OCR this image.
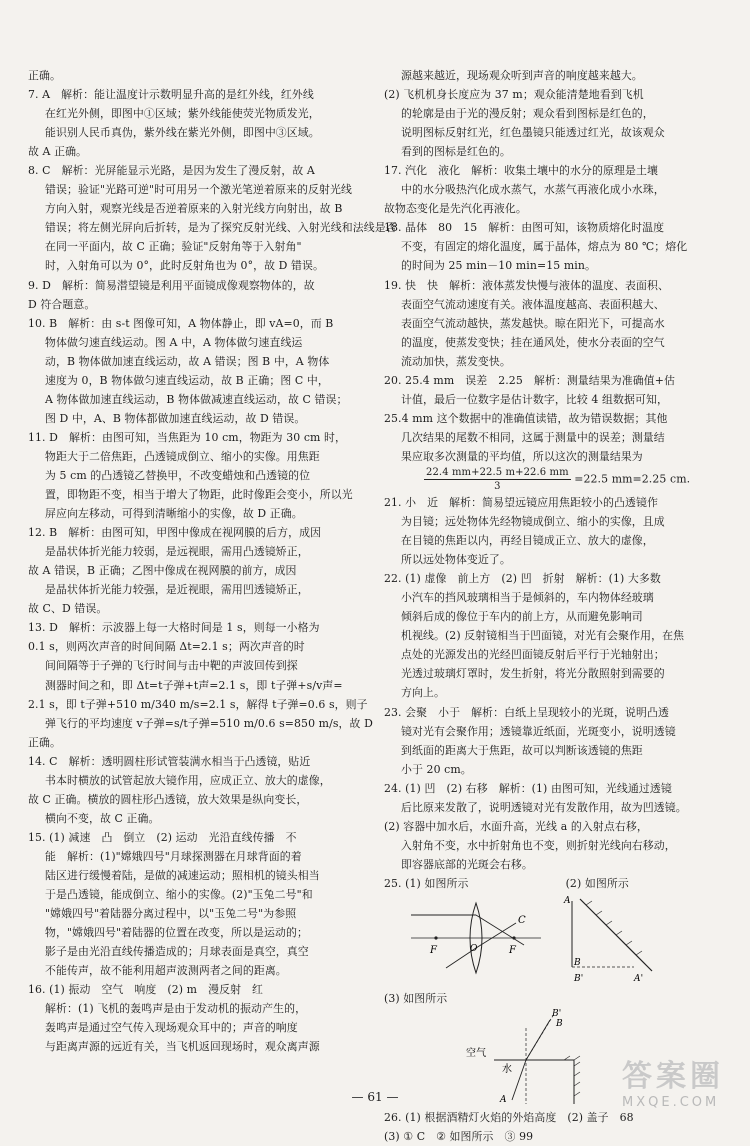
正确。
7. A　解析：能让温度计示数明显升高的是红外线，红外线
在红光外侧，即图中①区域；紫外线能使荧光物质发光，
能识别人民币真伪，紫外线在紫光外侧，即图中③区域。
故 A 正确。
8. C　解析：光屏能显示光路，是因为发生了漫反射，故 A
错误；验证"光路可逆"时可用另一个激光笔逆着原来的反射光线
方向入射，观察光线是否逆着原来的入射光线方向射出，故 B
错误；将左侧光屏向后折转，是为了探究反射光线、入射光线和法线是否
在同一平面内，故 C 正确；验证"反射角等于入射角"
时，入射角可以为 0°，此时反射角也为 0°，故 D 错误。
9. D　解析：简易潜望镜是利用平面镜成像观察物体的，故
D 符合题意。
10. B　解析：由 s-t 图像可知，A 物体静止，即 vA=0，而 B
物体做匀速直线运动。图 A 中，A 物体做匀速直线运
动，B 物体做加速直线运动，故 A 错误；图 B 中，A 物体
速度为 0，B 物体做匀速直线运动，故 B 正确；图 C 中，
A 物体做加速直线运动，B 物体做减速直线运动，故 C 错误；
图 D 中，A、B 物体都做加速直线运动，故 D 错误。
11. D　解析：由图可知，当焦距为 10 cm，物距为 30 cm 时，
物距大于二倍焦距，凸透镜成倒立、缩小的实像。用焦距
为 5 cm 的凸透镜乙替换甲，不改变蜡烛和凸透镜的位
置，即物距不变，相当于增大了物距，此时像距会变小，所以光
屏应向左移动，可得到清晰缩小的实像，故 D 正确。
12. B　解析：由图可知，甲图中像成在视网膜的后方，成因
是晶状体折光能力较弱，是远视眼，需用凸透镜矫正，
故 A 错误，B 正确；乙图中像成在视网膜的前方，成因
是晶状体折光能力较强，是近视眼，需用凹透镜矫正，
故 C、D 错误。
13. D　解析：示波器上每一大格时间是 1 s，则每一小格为
0.1 s，则两次声音的时间间隔 Δt=2.1 s；两次声音的时
间间隔等于子弹的飞行时间与击中靶的声波回传到探
测器时间之和，即 Δt=t子弹+t声=2.1 s，即 t子弹+s/v声=
2.1 s，即 t子弹+510 m/340 m/s=2.1 s，解得 t子弹=0.6 s，则子
弹飞行的平均速度 v子弹=s/t子弹=510 m/0.6 s=850 m/s，故 D
正确。
14. C　解析：透明圆柱形试管装满水相当于凸透镜，贴近
书本时横放的试管起放大镜作用，应成正立、放大的虚像，
故 C 正确。横放的圆柱形凸透镜，放大效果是纵向变长，
横向不变，故 C 正确。
15. (1) 减速　凸　倒立　(2) 运动　光沿直线传播　不
能　解析：(1)"嫦娥四号"月球探测器在月球背面的着
陆区进行缓慢着陆，是做的减速运动；照相机的镜头相当
于是凸透镜，能成倒立、缩小的实像。(2)"玉兔二号"和
"嫦娥四号"着陆器分离过程中，以"玉兔二号"为参照
物，"嫦娥四号"着陆器的位置在改变，所以是运动的；
影子是由光沿直线传播造成的；月球表面是真空，真空
不能传声，故不能利用超声波测两者之间的距离。
16. (1) 振动　空气　响度　(2) m　漫反射　红
解析：(1) 飞机的轰鸣声是由于发动机的振动产生的，
轰鸣声是通过空气传入现场观众耳中的；声音的响度
与距离声源的远近有关，当飞机返回现场时，观众离声源
源越来越近，现场观众听到声音的响度越来越大。
(2) 飞机机身长度应为 37 m；观众能清楚地看到飞机
的轮廓是由于光的漫反射；观众看到图标是红色的，
说明图标反射红光，红色墨镜只能透过红光，故该观众
看到的图标是红色的。
17. 汽化　液化　解析：收集土壤中的水分的原理是土壤
中的水分吸热汽化成水蒸气，水蒸气再液化成小水珠，
故物态变化是先汽化再液化。
18. 晶体　80　15　解析：由图可知，该物质熔化时温度
不变，有固定的熔化温度，属于晶体，熔点为 80 ℃；熔化
的时间为 25 min－10 min=15 min。
19. 快　快　解析：液体蒸发快慢与液体的温度、表面积、
表面空气流动速度有关。液体温度越高、表面积越大、
表面空气流动越快，蒸发越快。晾在阳光下，可提高水
的温度，使蒸发变快；挂在通风处，使水分表面的空气
流动加快，蒸发变快。
20. 25.4 mm　误差　2.25　解析：测量结果为准确值+估
计值，最后一位数字是估计数字，比较 4 组数据可知，
25.4 mm 这个数据中的准确值读错，故为错误数据；其他
几次结果的尾数不相同，这属于测量中的误差；测量结
果应取多次测量的平均值，所以这次的测量结果为
$\frac{22.4 mm+22.5 m+22.6 mm}{3} =22.5$ mm=2.25 cm.
21. 小　近　解析：简易望远镜应用焦距较小的凸透镜作
为目镜；远处物体先经物镜成倒立、缩小的实像，且成
在目镜的焦距以内，再经目镜成正立、放大的虚像，
所以远处物体变近了。
22. (1) 虚像　前上方　(2) 凹　折射　解析：(1) 大多数
小汽车的挡风玻璃相当于是倾斜的，车内物体经玻璃
倾斜后成的像位于车内的前上方，从而避免影响司
机视线。(2) 反射镜相当于凹面镜，对光有会聚作用，在焦
点处的光源发出的光经凹面镜反射后平行于光轴射出；
光透过玻璃灯罩时，发生折射，将光分散照射到需要的
方向上。
23. 会聚　小于　解析：白纸上呈现较小的光斑，说明凸透
镜对光有会聚作用；透镜靠近纸面，光斑变小，说明透镜
到纸面的距离大于焦距，故可以判断该透镜的焦距
小于 20 cm。
24. (1) 凹　(2) 右移　解析：(1) 由图可知，光线通过透镜
后比原来发散了，说明透镜对光有发散作用，故为凹透镜。
(2) 容器中加水后，水面升高，光线 a 的入射点右移，
入射角不变，水中折射角也不变，则折射光线向右移动，
即容器底部的光斑会右移。
25. (1) 如图所示	(2) 如图所示
F	F
O
C
A
B
B'	A'
(3) 如图所示
B'
B
A
空气
水
26. (1) 根据酒精灯火焰的外焰高度　(2) 盖子　68
(3) ① C　② 如图所示　③ 99
— 61 —
答案圈
MXQE.COM
